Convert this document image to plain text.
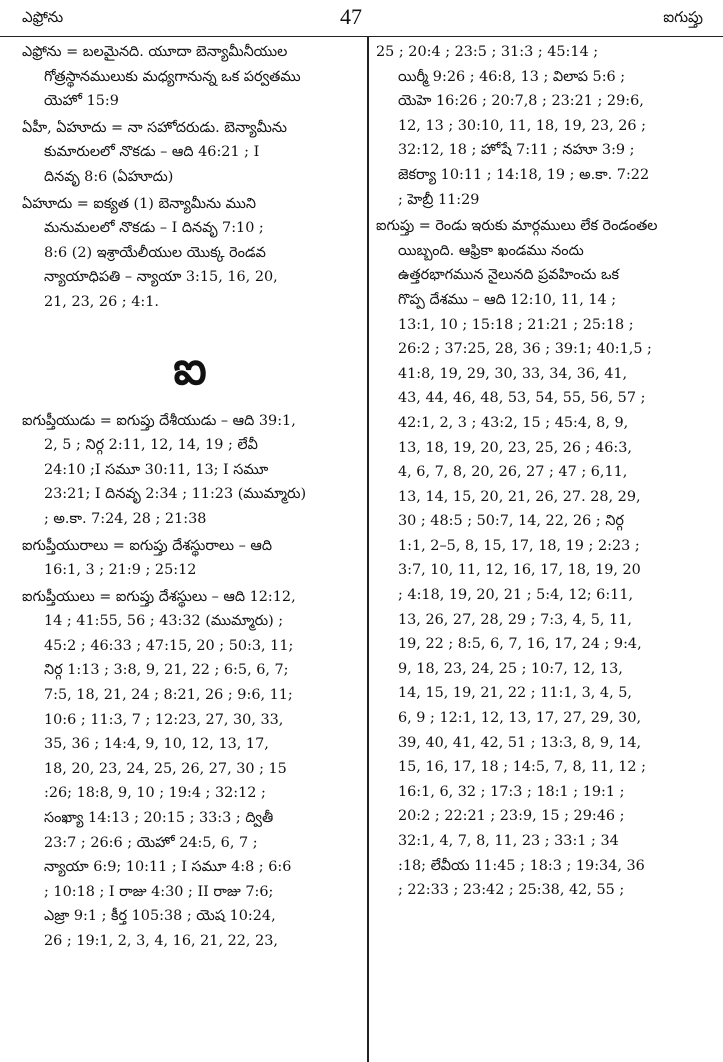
ఎఫ్రోను	47	ఐగుప్తు
ఎఫ్రోను = బలమైనది. యూదా బెన్యామీనీయుల
గోత్రస్థానములుకు మధ్యగానున్న ఒక పర్వతము
యెహో 15:9
ఏహీ, ఏహూదు = నా సహోదరుడు. బెన్యామీను
కుమారులలో నొకడు – ఆది 46:21 ; I
దినవృ 8:6 (ఏహూదు)
ఏహూదు = ఐక్యత (1) బెన్యామీను ముని
మనుమలలో నొకడు – I దినవృ 7:10 ;
8:6 (2) ఇశ్రాయేలీయుల యొక్క రెండవ
న్యాయాధిపతి – న్యాయా 3:15, 16, 20,
21, 23, 26 ; 4:1.
ఐ
ఐగుప్తీయుడు = ఐగుప్తు దేశీయుడు – ఆది 39:1,
2, 5 ; నిర్గ 2:11, 12, 14, 19 ; లేవీ
24:10 ;I సమూ 30:11, 13; I సమూ
23:21; I దినవృ 2:34 ; 11:23 (ముమ్మారు)
; అ.కా. 7:24, 28 ; 21:38
ఐగుప్తీయురాలు = ఐగుప్తు దేశస్థురాలు – ఆది
16:1, 3 ; 21:9 ; 25:12
ఐగుప్తీయులు = ఐగుప్తు దేశస్థులు – ఆది 12:12,
14 ; 41:55, 56 ; 43:32 (ముమ్మారు) ;
45:2 ; 46:33 ; 47:15, 20 ; 50:3, 11;
నిర్గ 1:13 ; 3:8, 9, 21, 22 ; 6:5, 6, 7;
7:5, 18, 21, 24 ; 8:21, 26 ; 9:6, 11;
10:6 ; 11:3, 7 ; 12:23, 27, 30, 33,
35, 36 ; 14:4, 9, 10, 12, 13, 17,
18, 20, 23, 24, 25, 26, 27, 30 ; 15
:26; 18:8, 9, 10 ; 19:4 ; 32:12 ;
సంఖ్యా 14:13 ; 20:15 ; 33:3 ; ద్వితీ
23:7 ; 26:6 ; యెహో 24:5, 6, 7 ;
న్యాయా 6:9; 10:11 ; I సమూ 4:8 ; 6:6
; 10:18 ; I రాజు 4:30 ; II రాజు 7:6;
ఎజ్రా 9:1 ; కీర్త 105:38 ; యెష 10:24,
26 ; 19:1, 2, 3, 4, 16, 21, 22, 23,
25 ; 20:4 ; 23:5 ; 31:3 ; 45:14 ;
యిర్మీ 9:26 ; 46:8, 13 ; విలాప 5:6 ;
యెహె 16:26 ; 20:7,8 ; 23:21 ; 29:6,
12, 13 ; 30:10, 11, 18, 19, 23, 26 ;
32:12, 18 ; హోషే 7:11 ; నహూ 3:9 ;
జెకర్యా 10:11 ; 14:18, 19 ; అ.కా. 7:22
; హెబ్రీ 11:29
ఐగుప్తు = రెండు ఇరుకు మార్గములు లేక రెండంతల
యిబ్బంది. ఆఫ్రికా ఖండము నందు
ఉత్తరభాగమున నైలునది ప్రవహించు ఒక
గొప్ప దేశము – ఆది 12:10, 11, 14 ;
13:1, 10 ; 15:18 ; 21:21 ; 25:18 ;
26:2 ; 37:25, 28, 36 ; 39:1; 40:1,5 ;
41:8, 19, 29, 30, 33, 34, 36, 41,
43, 44, 46, 48, 53, 54, 55, 56, 57 ;
42:1, 2, 3 ; 43:2, 15 ; 45:4, 8, 9,
13, 18, 19, 20, 23, 25, 26 ; 46:3,
4, 6, 7, 8, 20, 26, 27 ; 47 ; 6,11,
13, 14, 15, 20, 21, 26, 27. 28, 29,
30 ; 48:5 ; 50:7, 14, 22, 26 ; నిర్గ
1:1, 2–5, 8, 15, 17, 18, 19 ; 2:23 ;
3:7, 10, 11, 12, 16, 17, 18, 19, 20
; 4:18, 19, 20, 21 ; 5:4, 12; 6:11,
13, 26, 27, 28, 29 ; 7:3, 4, 5, 11,
19, 22 ; 8:5, 6, 7, 16, 17, 24 ; 9:4,
9, 18, 23, 24, 25 ; 10:7, 12, 13,
14, 15, 19, 21, 22 ; 11:1, 3, 4, 5,
6, 9 ; 12:1, 12, 13, 17, 27, 29, 30,
39, 40, 41, 42, 51 ; 13:3, 8, 9, 14,
15, 16, 17, 18 ; 14:5, 7, 8, 11, 12 ;
16:1, 6, 32 ; 17:3 ; 18:1 ; 19:1 ;
20:2 ; 22:21 ; 23:9, 15 ; 29:46 ;
32:1, 4, 7, 8, 11, 23 ; 33:1 ; 34
:18; లేవీయ 11:45 ; 18:3 ; 19:34, 36
; 22:33 ; 23:42 ; 25:38, 42, 55 ;
